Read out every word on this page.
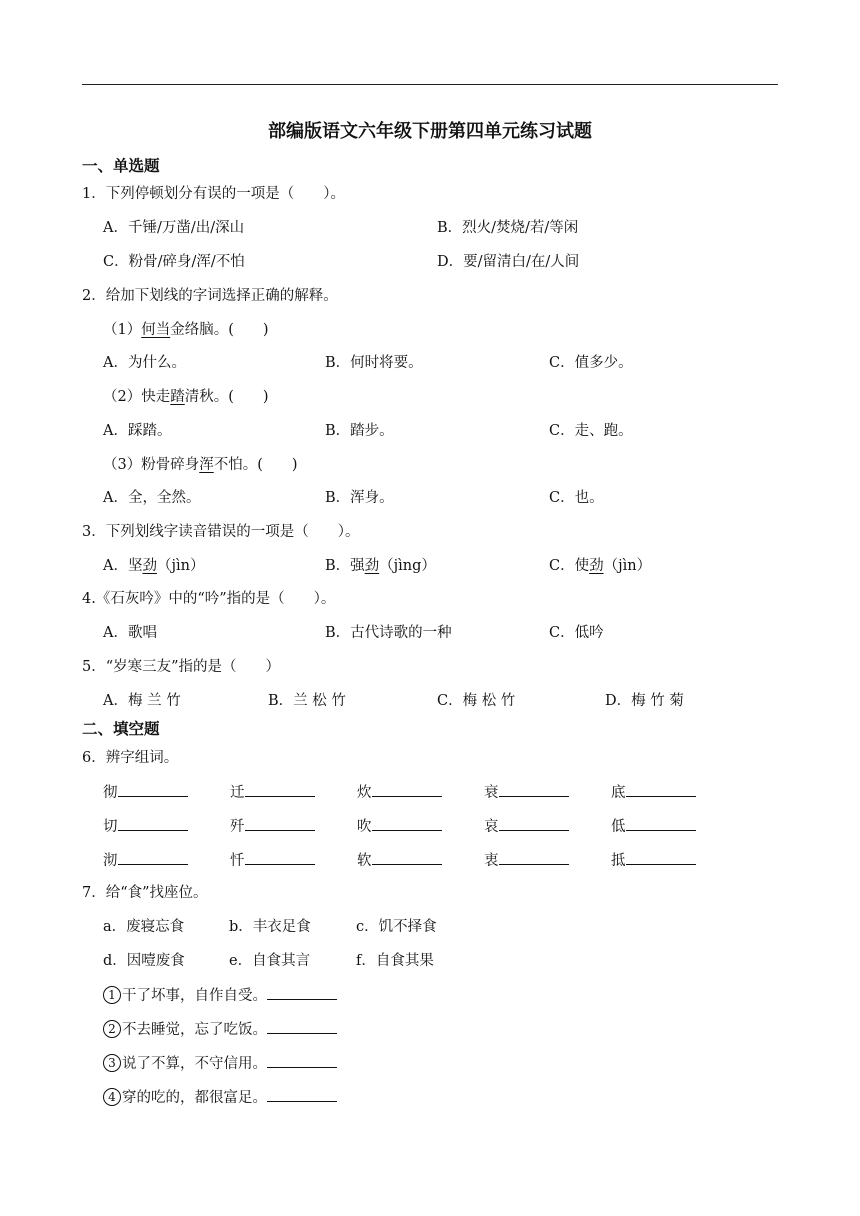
部编版语文六年级下册第四单元练习试题
一、单选题
1．下列停顿划分有误的一项是（　　）。
A．千锤/万凿/出/深山	B．烈火/焚烧/若/等闲
C．粉骨/碎身/浑/不怕	D．要/留清白/在/人间
2．给加下划线的字词选择正确的解释。
（1）何当金络脑。(　　)
A．为什么。	B．何时将要。	C．值多少。
（2）快走踏清秋。(　　)
A．踩踏。	B．踏步。	C．走、跑。
（3）粉骨碎身浑不怕。(　　)
A．全，全然。	B．浑身。	C．也。
3．下列划线字读音错误的一项是（　　）。
A．坚劲（jìn）	B．强劲（jìng）	C．使劲（jìn）
4.《石灰吟》中的“吟”指的是（　　）。
A．歌唱	B．古代诗歌的一种	C．低吟
5．“岁寒三友”指的是（　　）
A．梅 兰 竹	B．兰 松 竹	C．梅 松 竹	D．梅 竹 菊
二、填空题
6．辨字组词。
彻	迁	炊	衰	底
切	歼	吹	哀	低
沏	忏	软	衷	抵
7．给“食”找座位。
a．废寝忘食	b．丰衣足食	c．饥不择食
d．因噎废食	e．自食其言	f．自食其果
1 干了坏事，自作自受。
2 不去睡觉，忘了吃饭。
3 说了不算，不守信用。
4 穿的吃的，都很富足。
